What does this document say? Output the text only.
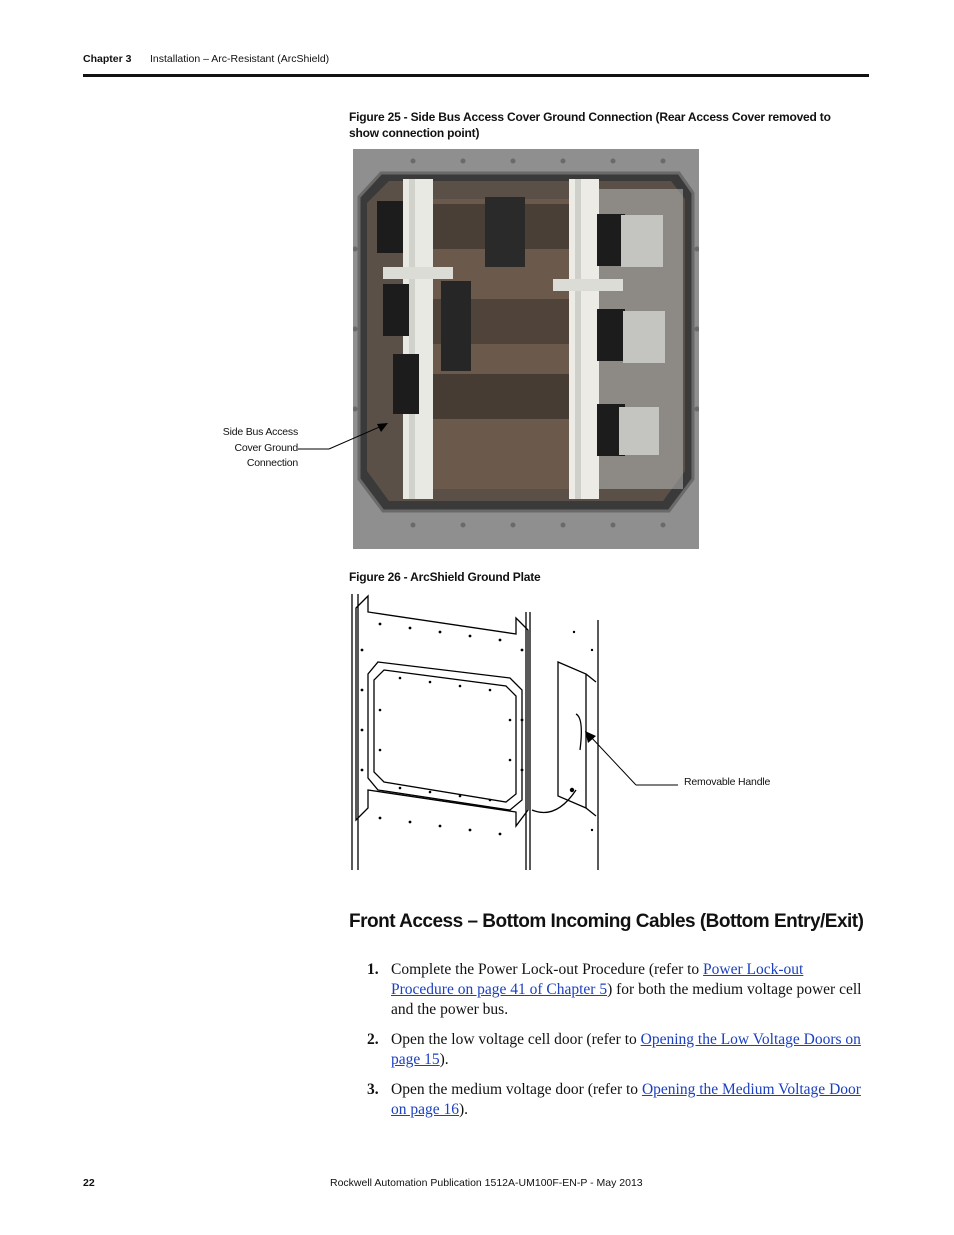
Chapter 3 Installation – Arc-Resistant (ArcShield)
Figure 25 - Side Bus Access Cover Ground Connection (Rear Access Cover removed to show connection point)
Side Bus Access Cover Ground Connection
Figure 26 - ArcShield Ground Plate
Removable Handle
Front Access – Bottom Incoming Cables (Bottom Entry/Exit)
1. Complete the Power Lock-out Procedure (refer to Power Lock-out Procedure on page 41 of Chapter 5) for both the medium voltage power cell and the power bus.
2. Open the low voltage cell door (refer to Opening the Low Voltage Doors on page 15).
3. Open the medium voltage door (refer to Opening the Medium Voltage Door on page 16).
22	Rockwell Automation Publication 1512A-UM100F-EN-P - May 2013
